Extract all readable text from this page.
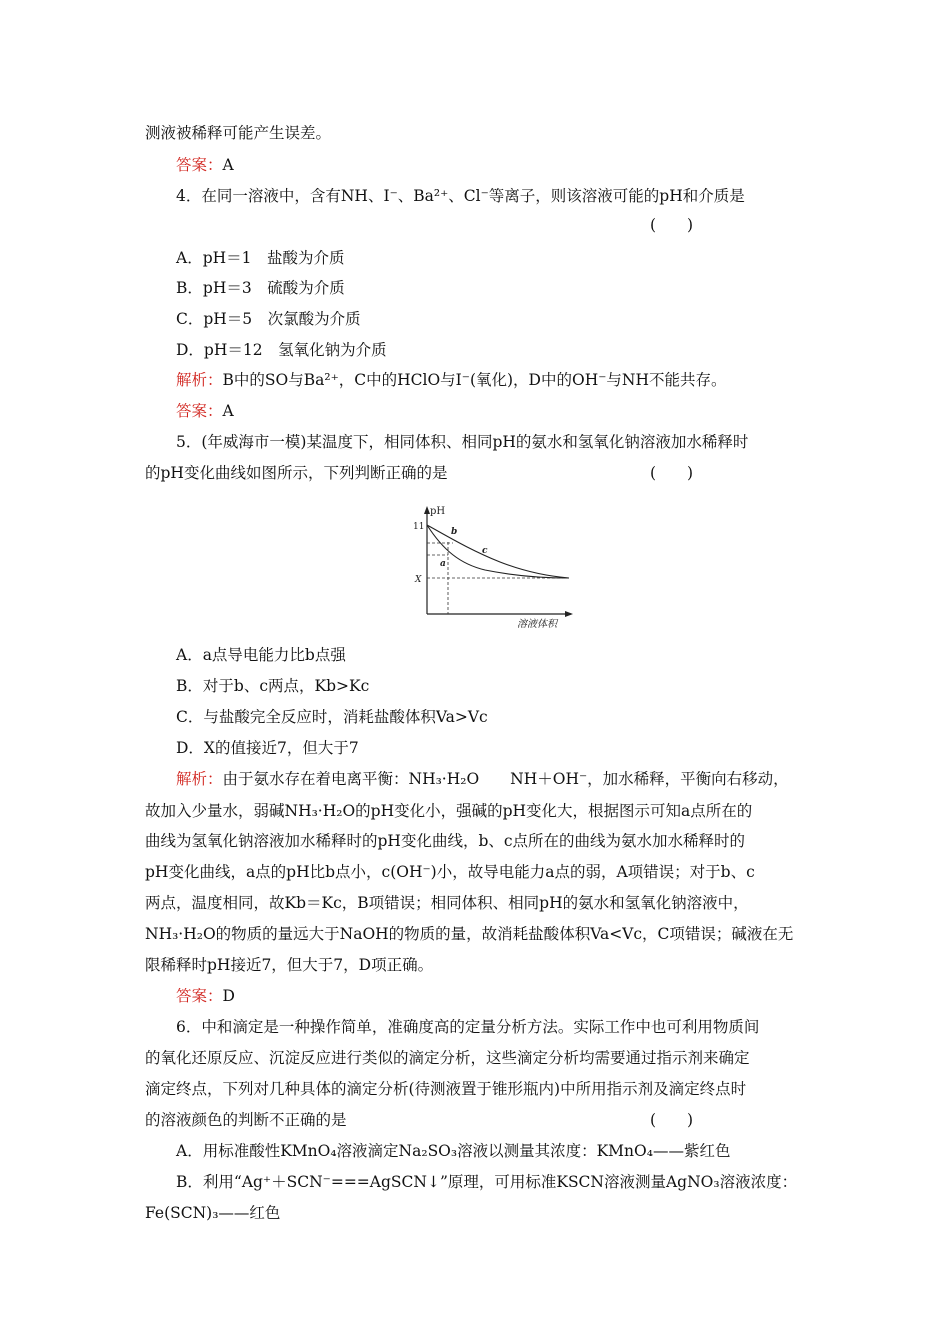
测液被稀释可能产生误差。
答案：A
4．在同一溶液中，含有NH、I⁻、Ba²⁺、Cl⁻等离子，则该溶液可能的pH和介质是
(　　)
A．pH＝1　盐酸为介质
B．pH＝3　硫酸为介质
C．pH＝5　次氯酸为介质
D．pH＝12　氢氧化钠为介质
解析：B中的SO与Ba²⁺，C中的HClO与I⁻(氧化)，D中的OH⁻与NH不能共存。
答案：A
5．(年威海市一模)某温度下，相同体积、相同pH的氨水和氢氧化钠溶液加水稀释时
的pH变化曲线如图所示，下列判断正确的是	(　　)
pH
11
X
b
a
c
溶液体积
A．a点导电能力比b点强
B．对于b、c两点，Kb>Kc
C．与盐酸完全反应时，消耗盐酸体积Va>Vc
D．X的值接近7，但大于7
解析：由于氨水存在着电离平衡：NH₃·H₂O　　NH＋OH⁻，加水稀释，平衡向右移动，
故加入少量水，弱碱NH₃·H₂O的pH变化小，强碱的pH变化大，根据图示可知a点所在的
曲线为氢氧化钠溶液加水稀释时的pH变化曲线，b、c点所在的曲线为氨水加水稀释时的
pH变化曲线，a点的pH比b点小，c(OH⁻)小，故导电能力a点的弱，A项错误；对于b、c
两点，温度相同，故Kb＝Kc，B项错误；相同体积、相同pH的氨水和氢氧化钠溶液中，
NH₃·H₂O的物质的量远大于NaOH的物质的量，故消耗盐酸体积Va<Vc，C项错误；碱液在无
限稀释时pH接近7，但大于7，D项正确。
答案：D
6．中和滴定是一种操作简单，准确度高的定量分析方法。实际工作中也可利用物质间
的氧化还原反应、沉淀反应进行类似的滴定分析，这些滴定分析均需要通过指示剂来确定
滴定终点，下列对几种具体的滴定分析(待测液置于锥形瓶内)中所用指示剂及滴定终点时
的溶液颜色的判断不正确的是	(　　)
A．用标准酸性KMnO₄溶液滴定Na₂SO₃溶液以测量其浓度：KMnO₄——紫红色
B．利用“Ag⁺＋SCN⁻===AgSCN↓”原理，可用标准KSCN溶液测量AgNO₃溶液浓度：
Fe(SCN)₃——红色
